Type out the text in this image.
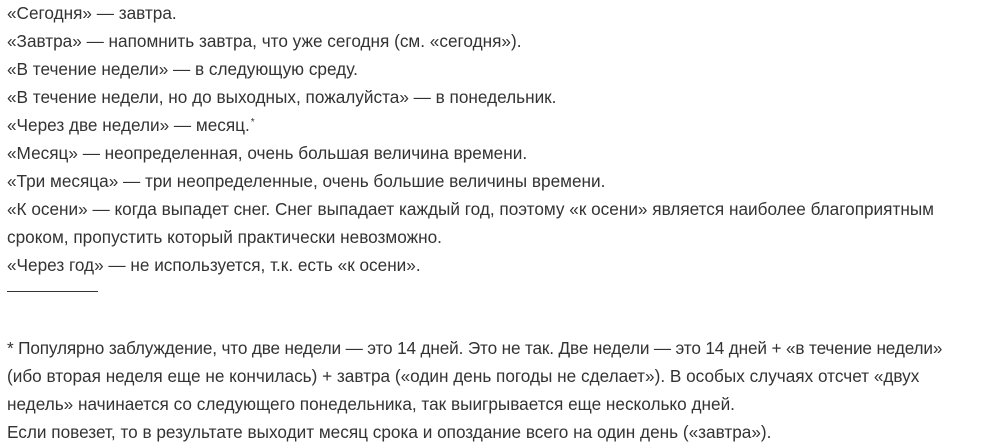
«Сегодня» — завтра.
«Завтра» — напомнить завтра, что уже сегодня (см. «сегодня»).
«В течение недели» — в следующую среду.
«В течение недели, но до выходных, пожалуйста» — в понедельник.
«Через две недели» — месяц.*
«Месяц» — неопределенная, очень большая величина времени.
«Три месяца» — три неопределенные, очень большие величины времени.
«К осени» — когда выпадет снег. Снег выпадает каждый год, поэтому «к осени» является наиболее благоприятным
сроком, пропустить который практически невозможно.
«Через год» — не используется, т.к. есть «к осени».
* Популярно заблуждение, что две недели — это 14 дней. Это не так. Две недели — это 14 дней + «в течение недели»
(ибо вторая неделя еще не кончилась) + завтра («один день погоды не сделает»). В особых случаях отсчет «двух
недель» начинается со следующего понедельника, так выигрывается еще несколько дней.
Если повезет, то в результате выходит месяц срока и опоздание всего на один день («завтра»).
